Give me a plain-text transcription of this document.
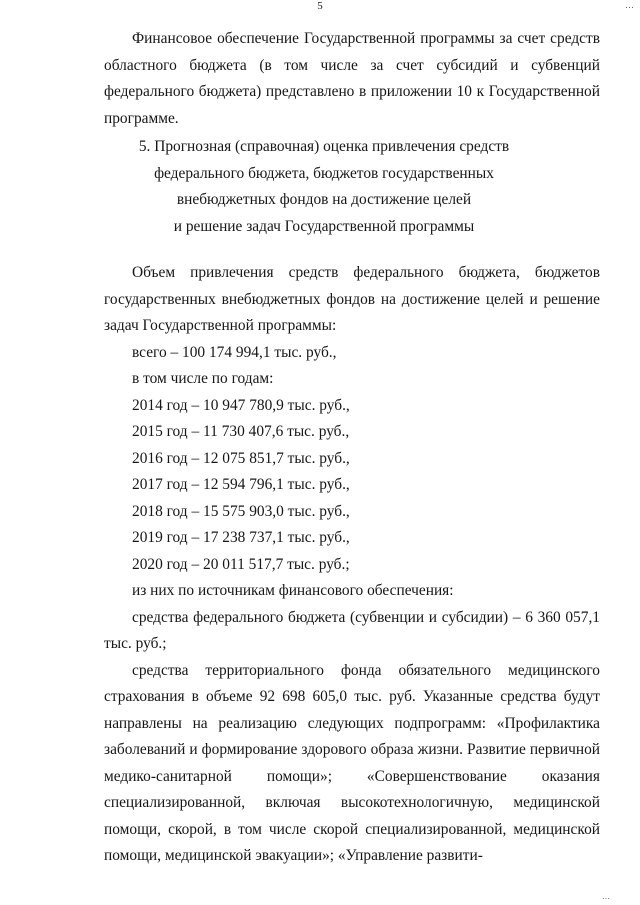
5	…

Финансовое обеспечение Государственной программы за счет средств областного бюджета (в том числе за счет субсидий и субвенций федерального бюджета) представлено в приложении 10 к Государственной программе.

5. Прогнозная (справочная) оценка привлечения средств

федерального бюджета, бюджетов государственных

внебюджетных фондов на достижение целей

и решение задач Государственной программы

Объем привлечения средств федерального бюджета, бюджетов государственных внебюджетных фондов на достижение целей и решение задач Государственной программы:

всего – 100 174 994,1 тыс. руб.,

в том числе по годам:

2014 год – 10 947 780,9 тыс. руб.,

2015 год – 11 730 407,6 тыс. руб.,

2016 год – 12 075 851,7 тыс. руб.,

2017 год – 12 594 796,1 тыс. руб.,

2018 год – 15 575 903,0 тыс. руб.,

2019 год – 17 238 737,1 тыс. руб.,

2020 год – 20 011 517,7 тыс. руб.;

из них по источникам финансового обеспечения:

средства федерального бюджета (субвенции и субсидии) – 6 360 057,1 тыс. руб.;

средства территориального фонда обязательного медицинского страхования в объеме 92 698 605,0 тыс. руб. Указанные средства будут направлены на реализацию следующих подпрограмм: «Профилактика заболеваний и формирование здорового образа жизни. Развитие первичной медико-санитарной помощи»; «Совершенствование оказания специализированной, включая высокотехнологичную, медицинской помощи, скорой, в том числе скорой специализированной, медицинской помощи, медицинской эвакуации»; «Управление развити-

…
